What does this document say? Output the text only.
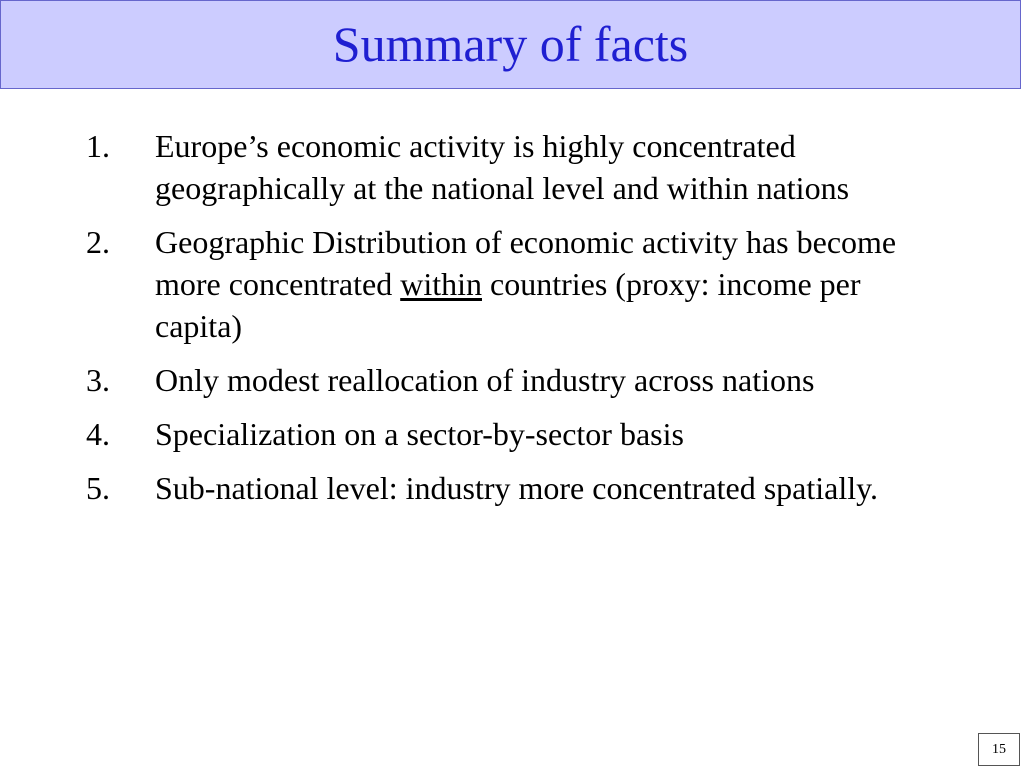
Summary of facts
1. Europe’s economic activity is highly concentrated geographically at the national level and within nations
2. Geographic Distribution of economic activity has become more concentrated within countries (proxy: income per capita)
3. Only modest reallocation of industry across nations
4. Specialization on a sector-by-sector basis
5. Sub-national level: industry more concentrated spatially.
15
